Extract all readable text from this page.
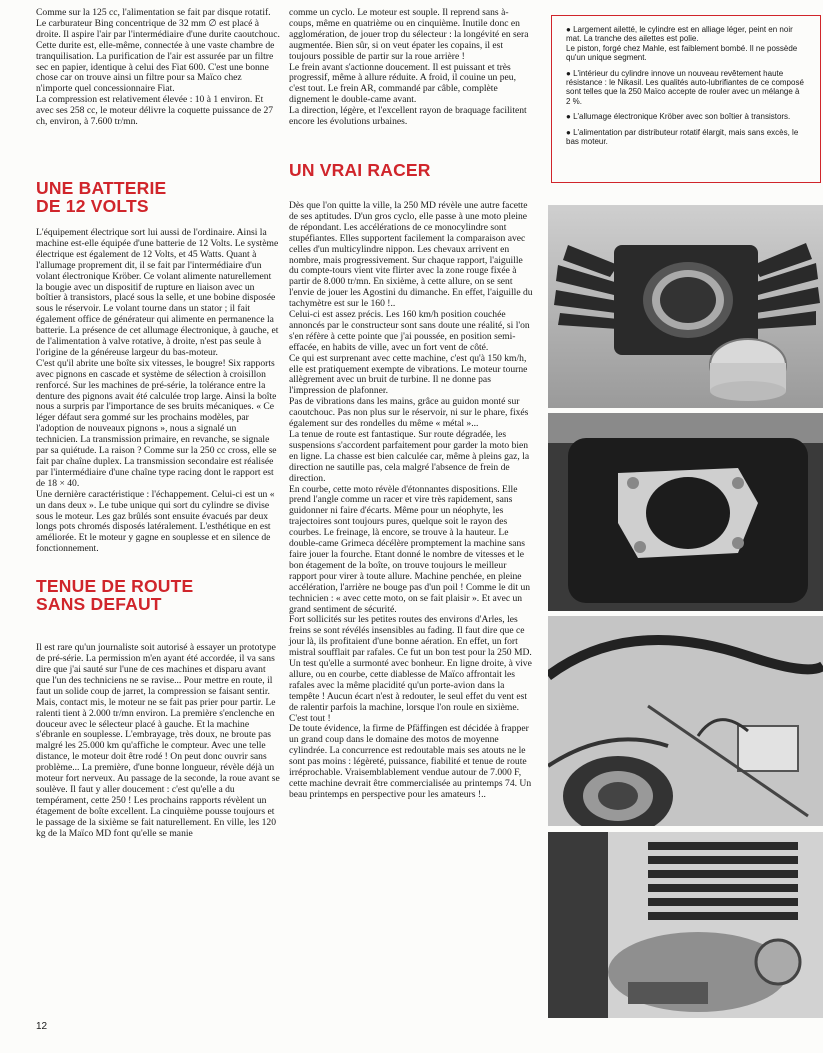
Comme sur la 125 cc, l'alimentation se fait par disque rotatif. Le carburateur Bing concentrique de 32 mm ∅ est placé à droite. Il aspire l'air par l'intermédiaire d'une durite caoutchouc. Cette durite est, elle-même, connectée à une vaste chambre de tranquilisation. La purification de l'air est assurée par un filtre sec en papier, identique à celui des Fiat 600. C'est une bonne chose car on trouve ainsi un filtre pour sa Maïco chez n'importe quel concessionnaire Fiat.
La compression est relativement élevée : 10 à 1 environ. Et avec ses 258 cc, le moteur délivre la coquette puissance de 27 ch, environ, à 7.600 tr/mn.

UNE BATTERIE
DE 12 VOLTS

L'équipement électrique sort lui aussi de l'ordinaire. Ainsi la machine est-elle équipée d'une batterie de 12 Volts. Le système électrique est également de 12 Volts, et 45 Watts. Quant à l'allumage proprement dit, il se fait par l'intermédiaire d'un volant électronique Kröber. Ce volant alimente naturellement la bougie avec un dispositif de rupture en liaison avec un boîtier à transistors, placé sous la selle, et une bobine disposée sous le réservoir. Le volant tourne dans un stator ; il fait également office de générateur qui alimente en permanence la batterie. La présence de cet allumage électronique, à gauche, et de l'alimentation à valve rotative, à droite, n'est pas seule à l'origine de la généreuse largeur du bas-moteur.
C'est qu'il abrite une boîte six vitesses, le bougre! Six rapports avec pignons en cascade et système de sélection à croisillon renforcé. Sur les machines de pré-série, la tolérance entre la denture des pignons avait été calculée trop large. Ainsi la boîte nous a surpris par l'importance de ses bruits mécaniques. « Ce léger défaut sera gommé sur les prochains modèles, par l'adoption de nouveaux pignons », nous a signalé un technicien. La transmission primaire, en revanche, se signale par sa quiétude. La raison ? Comme sur la 250 cc cross, elle se fait par chaîne duplex. La transmission secondaire est réalisée par l'intermédiaire d'une chaîne type racing dont le rapport est de 18 × 40.
Une dernière caractéristique : l'échappement. Celui-ci est un « un dans deux ». Le tube unique qui sort du cylindre se divise sous le moteur. Les gaz brûlés sont ensuite évacués par deux longs pots chromés disposés latéralement. L'esthétique en est améliorée. Et le moteur y gagne en souplesse et en silence de fonctionnement.

TENUE DE ROUTE
SANS DEFAUT

Il est rare qu'un journaliste soit autorisé à essayer un prototype de pré-série. La permission m'en ayant été accordée, il va sans dire que j'ai sauté sur l'une de ces machines et disparu avant que l'un des techniciens ne se ravise... Pour mettre en route, il faut un solide coup de jarret, la compression se faisant sentir. Mais, contact mis, le moteur ne se fait pas prier pour partir. Le ralenti tient à 2.000 tr/mn environ. La première s'enclenche en douceur avec le sélecteur placé à gauche. Et la machine s'ébranle en souplesse. L'embrayage, très doux, ne broute pas malgré les 25.000 km qu'affiche le compteur. Avec une telle distance, le moteur doit être rodé ! On peut donc ouvrir sans problème... La première, d'une bonne longueur, révèle déjà un moteur fort nerveux. Au passage de la seconde, la roue avant se soulève. Il faut y aller doucement : c'est qu'elle a du tempérament, cette 250 ! Les prochains rapports révèlent un étagement de boîte excellent. La cinquième pousse toujours et le passage de la sixième se fait naturellement. En ville, les 120 kg de la Maïco MD font qu'elle se manie

comme un cyclo. Le moteur est souple. Il reprend sans à-coups, même en quatrième ou en cinquième. Inutile donc en agglomération, de jouer trop du sélecteur : la longévité en sera augmentée. Bien sûr, si on veut épater les copains, il est toujours possible de partir sur la roue arrière !
Le frein avant s'actionne doucement. Il est puissant et très progressif, même à allure réduite. A froid, il couine un peu, c'est tout. Le frein AR, commandé par câble, complète dignement le double-came avant.
La direction, légère, et l'excellent rayon de braquage facilitent encore les évolutions urbaines.

UN VRAI RACER

Dès que l'on quitte la ville, la 250 MD révèle une autre facette de ses aptitudes. D'un gros cyclo, elle passe à une moto pleine de répondant. Les accélérations de ce monocylindre sont stupéfiantes. Elles supportent facilement la comparaison avec celles d'un multicylindre nippon. Les chevaux arrivent en nombre, mais progressivement. Sur chaque rapport, l'aiguille du compte-tours vient vite flirter avec la zone rouge fixée à partir de 8.000 tr/mn. En sixième, à cette allure, on se sent l'envie de jouer les Agostini du dimanche. En effet, l'aiguille du tachymètre est sur le 160 !..
Celui-ci est assez précis. Les 160 km/h position couchée annoncés par le constructeur sont sans doute une réalité, si l'on s'en réfère à cette pointe que j'ai poussée, en position semi-effacée, en habits de ville, avec un fort vent de côté.
Ce qui est surprenant avec cette machine, c'est qu'à 150 km/h, elle est pratiquement exempte de vibrations. Le moteur tourne allègrement avec un bruit de turbine. Il ne donne pas l'impression de plafonner.
Pas de vibrations dans les mains, grâce au guidon monté sur caoutchouc. Pas non plus sur le réservoir, ni sur le phare, fixés également sur des rondelles du même « métal »...
La tenue de route est fantastique. Sur route dégradée, les suspensions s'accordent parfaitement pour garder la moto bien en ligne. La chasse est bien calculée car, même à pleins gaz, la direction ne sautille pas, cela malgré l'absence de frein de direction.
En courbe, cette moto révèle d'étonnantes dispositions. Elle prend l'angle comme un racer et vire très rapidement, sans guidonner ni faire d'écarts. Même pour un néophyte, les trajectoires sont toujours pures, quelque soit le rayon des courbes. Le freinage, là encore, se trouve à la hauteur. Le double-came Grimeca décélère promptement la machine sans faire jouer la fourche. Etant donné le nombre de vitesses et le bon étagement de la boîte, on trouve toujours le meilleur rapport pour virer à toute allure. Machine penchée, en pleine accélération, l'arrière ne bouge pas d'un poil ! Comme le dit un technicien : « avec cette moto, on se fait plaisir ». Et avec un grand sentiment de sécurité.
Fort sollicités sur les petites routes des environs d'Arles, les freins se sont révélés insensibles au fading. Il faut dire que ce jour là, ils profitaient d'une bonne aération. En effet, un fort mistral soufflait par rafales. Ce fut un bon test pour la 250 MD. Un test qu'elle a surmonté avec bonheur. En ligne droite, à vive allure, ou en courbe, cette diablesse de Maïco affrontait les rafales avec la même placidité qu'un porte-avion dans la tempête ! Aucun écart n'est à redouter, le seul effet du vent est de ralentir parfois la machine, lorsque l'on roule en sixième. C'est tout !
De toute évidence, la firme de Pfäffingen est décidée à frapper un grand coup dans le domaine des motos de moyenne cylindrée. La concurrence est redoutable mais ses atouts ne le sont pas moins : légèreté, puissance, fiabilité et tenue de route irréprochable. Vraisemblablement vendue autour de 7.000 F, cette machine devrait être commercialisée au printemps 74. Un beau printemps en perspective pour les amateurs !..

● Largement ailetté, le cylindre est en alliage léger, peint en noir mat. La tranche des ailettes est polie.
Le piston, forgé chez Mahle, est faiblement bombé. Il ne possède qu'un unique segment.
● L'intérieur du cylindre innove un nouveau revêtement haute résistance : le Nikasil. Les qualités auto-lubrifiantes de ce composé sont telles que la 250 Maïco accepte de rouler avec un mélange à 2 %.
● L'allumage électronique Kröber avec son boîtier à transistors.
● L'alimentation par distributeur rotatif élargit, mais sans excès, le bas moteur.
12
